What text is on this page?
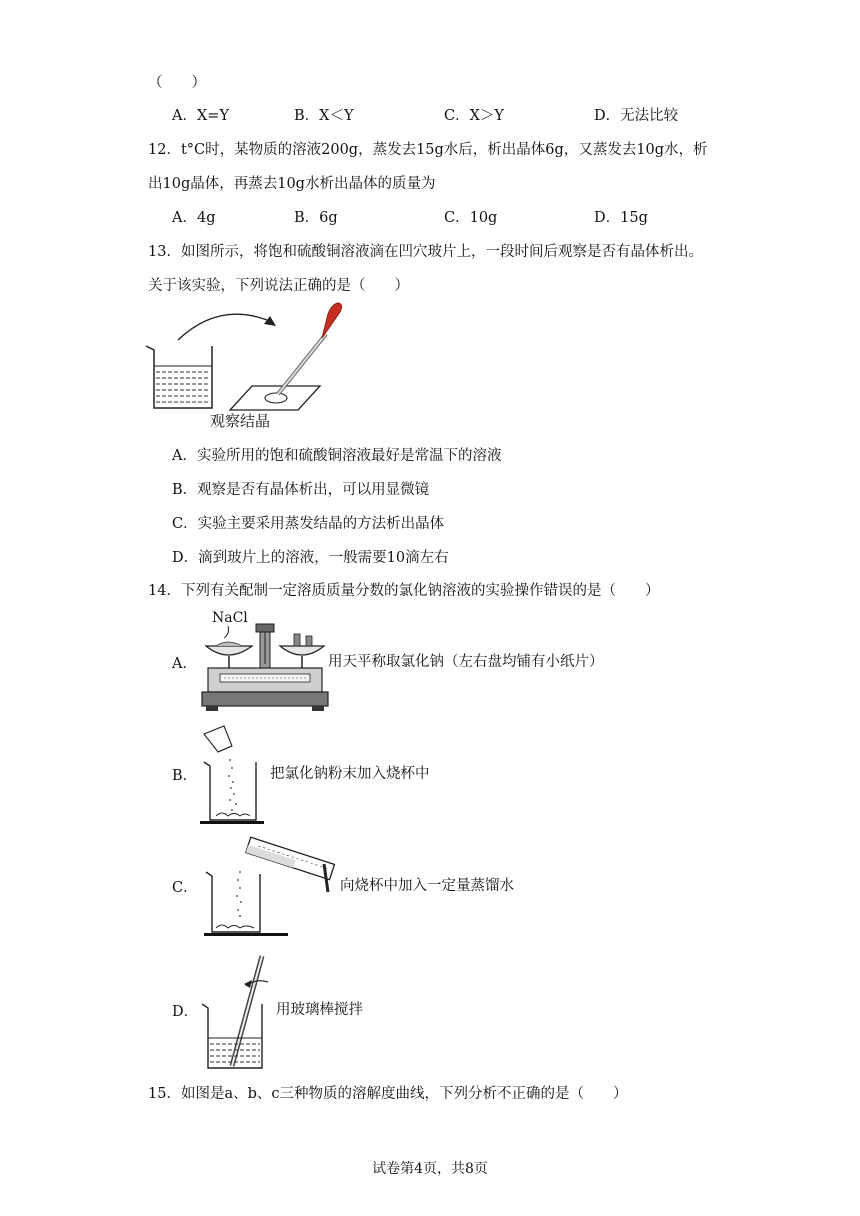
（　　）
A．X=Y	B．X＜Y	C．X＞Y	D．无法比较
12．t°C时，某物质的溶液200g，蒸发去15g水后，析出晶体6g，又蒸发去10g水，析
出10g晶体，再蒸去10g水析出晶体的质量为
A．4g	B．6g	C．10g	D．15g
13．如图所示，将饱和硫酸铜溶液滴在凹穴玻片上，一段时间后观察是否有晶体析出。
关于该实验，下列说法正确的是（　　）
观察结晶
A．实验所用的饱和硫酸铜溶液最好是常温下的溶液
B．观察是否有晶体析出，可以用显微镜
C．实验主要采用蒸发结晶的方法析出晶体
D．滴到玻片上的溶液，一般需要10滴左右
14．下列有关配制一定溶质质量分数的氯化钠溶液的实验操作错误的是（　　）
A．
NaCl
用天平称取氯化钠（左右盘均铺有小纸片）
B．	把氯化钠粉末加入烧杯中
C．	向烧杯中加入一定量蒸馏水
D．	用玻璃棒搅拌
15．如图是a、b、c三种物质的溶解度曲线，下列分析不正确的是（　　）
试卷第4页，共8页
